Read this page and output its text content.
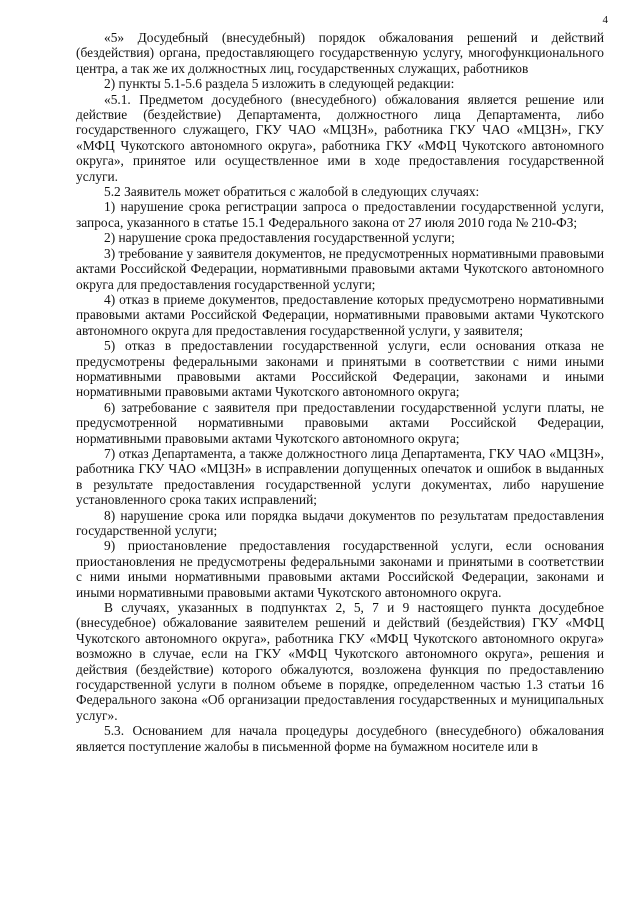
4

«5» Досудебный (внесудебный) порядок обжалования решений и действий (бездействия) органа, предоставляющего государственную услугу, многофункционального центра, а так же их должностных лиц, государственных служащих, работников

2) пункты 5.1-5.6 раздела 5 изложить в следующей редакции:

«5.1. Предметом досудебного (внесудебного) обжалования является решение или действие (бездействие) Департамента, должностного лица Департамента, либо государственного служащего, ГКУ ЧАО «МЦЗН», работника ГКУ ЧАО «МЦЗН», ГКУ «МФЦ Чукотского автономного округа», работника ГКУ «МФЦ Чукотского автономного округа», принятое или осуществленное ими в ходе предоставления государственной услуги.

5.2 Заявитель может обратиться с жалобой в следующих случаях:

1) нарушение срока регистрации запроса о предоставлении государственной услуги, запроса, указанного в статье 15.1 Федерального закона от 27 июля 2010 года № 210-ФЗ;

2) нарушение срока предоставления государственной услуги;

3) требование у заявителя документов, не предусмотренных нормативными правовыми актами Российской Федерации, нормативными правовыми актами Чукотского автономного округа для предоставления государственной услуги;

4) отказ в приеме документов, предоставление которых предусмотрено нормативными правовыми актами Российской Федерации, нормативными правовыми актами Чукотского автономного округа для предоставления государственной услуги, у заявителя;

5) отказ в предоставлении государственной услуги, если основания отказа не предусмотрены федеральными законами и принятыми в соответствии с ними иными нормативными правовыми актами Российской Федерации, законами и иными нормативными правовыми актами Чукотского автономного округа;

6) затребование с заявителя при предоставлении государственной услуги платы, не предусмотренной нормативными правовыми актами Российской Федерации, нормативными правовыми актами Чукотского автономного округа;

7) отказ Департамента, а также должностного лица Департамента, ГКУ ЧАО «МЦЗН», работника ГКУ ЧАО «МЦЗН» в исправлении допущенных опечаток и ошибок в выданных в результате предоставления государственной услуги документах, либо нарушение установленного срока таких исправлений;

8) нарушение срока или порядка выдачи документов по результатам предоставления государственной услуги;

9) приостановление предоставления государственной услуги, если основания приостановления не предусмотрены федеральными законами и принятыми в соответствии с ними иными нормативными правовыми актами Российской Федерации, законами и иными нормативными правовыми актами Чукотского автономного округа.

В случаях, указанных в подпунктах 2, 5, 7 и 9 настоящего пункта досудебное (внесудебное) обжалование заявителем решений и действий (бездействия) ГКУ «МФЦ Чукотского автономного округа», работника ГКУ «МФЦ Чукотского автономного округа» возможно в случае, если на ГКУ «МФЦ Чукотского автономного округа», решения и действия (бездействие) которого обжалуются, возложена функция по предоставлению государственной услуги в полном объеме в порядке, определенном частью 1.3 статьи 16 Федерального закона «Об организации предоставления государственных и муниципальных услуг».

5.3. Основанием для начала процедуры досудебного (внесудебного) обжалования является поступление жалобы в письменной форме на бумажном носителе или в
